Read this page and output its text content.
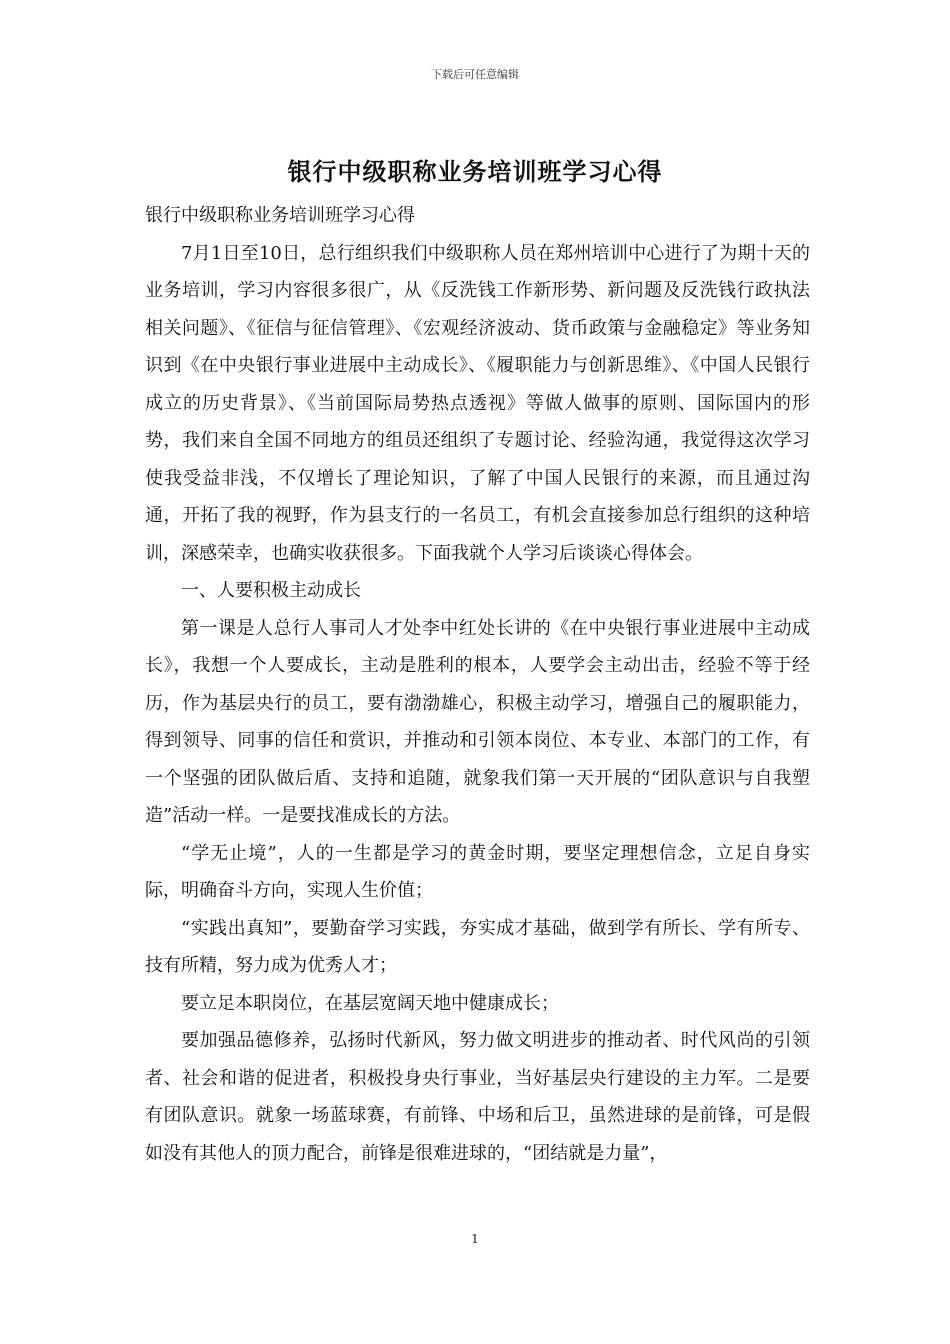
下载后可任意编辑
银行中级职称业务培训班学习心得

银行中级职称业务培训班学习心得

7月1日至10日，总行组织我们中级职称人员在郑州培训中心进行了为期十天的业务培训，学习内容很多很广，从《反洗钱工作新形势、新问题及反洗钱行政执法相关问题》、《征信与征信管理》、《宏观经济波动、货币政策与金融稳定》等业务知识到《在中央银行事业进展中主动成长》、《履职能力与创新思维》、《中国人民银行成立的历史背景》、《当前国际局势热点透视》等做人做事的原则、国际国内的形势，我们来自全国不同地方的组员还组织了专题讨论、经验沟通，我觉得这次学习使我受益非浅，不仅增长了理论知识，了解了中国人民银行的来源，而且通过沟通，开拓了我的视野，作为县支行的一名员工，有机会直接参加总行组织的这种培训，深感荣幸，也确实收获很多。下面我就个人学习后谈谈心得体会。

一、人要积极主动成长

第一课是人总行人事司人才处李中红处长讲的《在中央银行事业进展中主动成长》，我想一个人要成长，主动是胜利的根本，人要学会主动出击，经验不等于经历，作为基层央行的员工，要有渤渤雄心，积极主动学习，增强自己的履职能力，得到领导、同事的信任和赏识，并推动和引领本岗位、本专业、本部门的工作，有一个坚强的团队做后盾、支持和追随，就象我们第一天开展的“团队意识与自我塑造”活动一样。一是要找准成长的方法。

“学无止境”，人的一生都是学习的黄金时期，要坚定理想信念，立足自身实际，明确奋斗方向，实现人生价值；

“实践出真知”，要勤奋学习实践，夯实成才基础，做到学有所长、学有所专、技有所精，努力成为优秀人才；

要立足本职岗位，在基层宽阔天地中健康成长；

要加强品德修养，弘扬时代新风，努力做文明进步的推动者、时代风尚的引领者、社会和谐的促进者，积极投身央行事业，当好基层央行建设的主力军。二是要有团队意识。就象一场蓝球赛，有前锋、中场和后卫，虽然进球的是前锋，可是假如没有其他人的顶力配合，前锋是很难进球的，“团结就是力量”，

1
